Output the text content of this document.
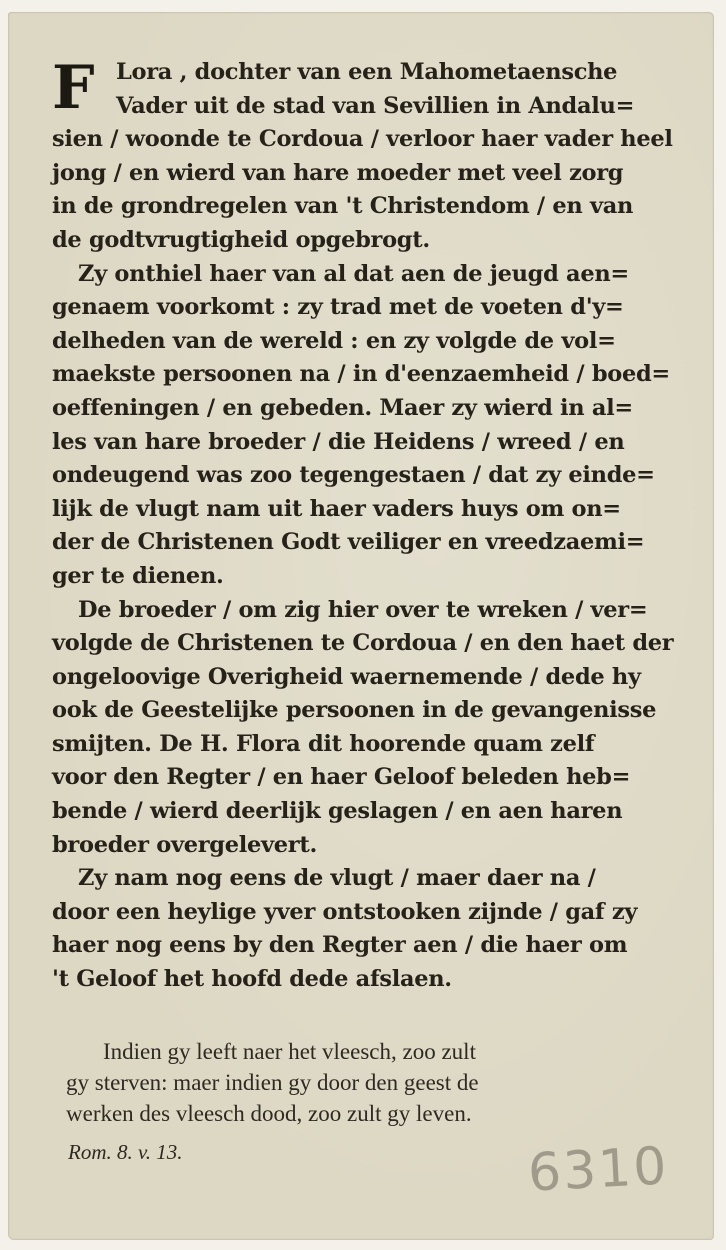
F Lora , dochter van een Mahometaensche
Vader uit de stad van Sevillien in Andalu=
sien / woonde te Cordoua / verloor haer vader heel
jong / en wierd van hare moeder met veel zorg
in de grondregelen van 't Christendom / en van
de godtvrugtigheid opgebrogt.
Zy onthiel haer van al dat aen de jeugd aen=
genaem voorkomt : zy trad met de voeten d'y=
delheden van de wereld : en zy volgde de vol=
maekste persoonen na / in d'eenzaemheid / boed=
oeffeningen / en gebeden. Maer zy wierd in al=
les van hare broeder / die Heidens / wreed / en
ondeugend was zoo tegengestaen / dat zy einde=
lijk de vlugt nam uit haer vaders huys om on=
der de Christenen Godt veiliger en vreedzaemi=
ger te dienen.
De broeder / om zig hier over te wreken / ver=
volgde de Christenen te Cordoua / en den haet der
ongeloovige Overigheid waernemende / dede hy
ook de Geestelijke persoonen in de gevangenisse
smijten. De H. Flora dit hoorende quam zelf
voor den Regter / en haer Geloof beleden heb=
bende / wierd deerlijk geslagen / en aen haren
broeder overgelevert.
Zy nam nog eens de vlugt / maer daer na /
door een heylige yver ontstooken zijnde / gaf zy
haer nog eens by den Regter aen / die haer om
't Geloof het hoofd dede afslaen.
Indien gy leeft naer het vleesch, zoo zult
gy sterven: maer indien gy door den geest de
werken des vleesch dood, zoo zult gy leven.
Rom. 8. v. 13.	6310
